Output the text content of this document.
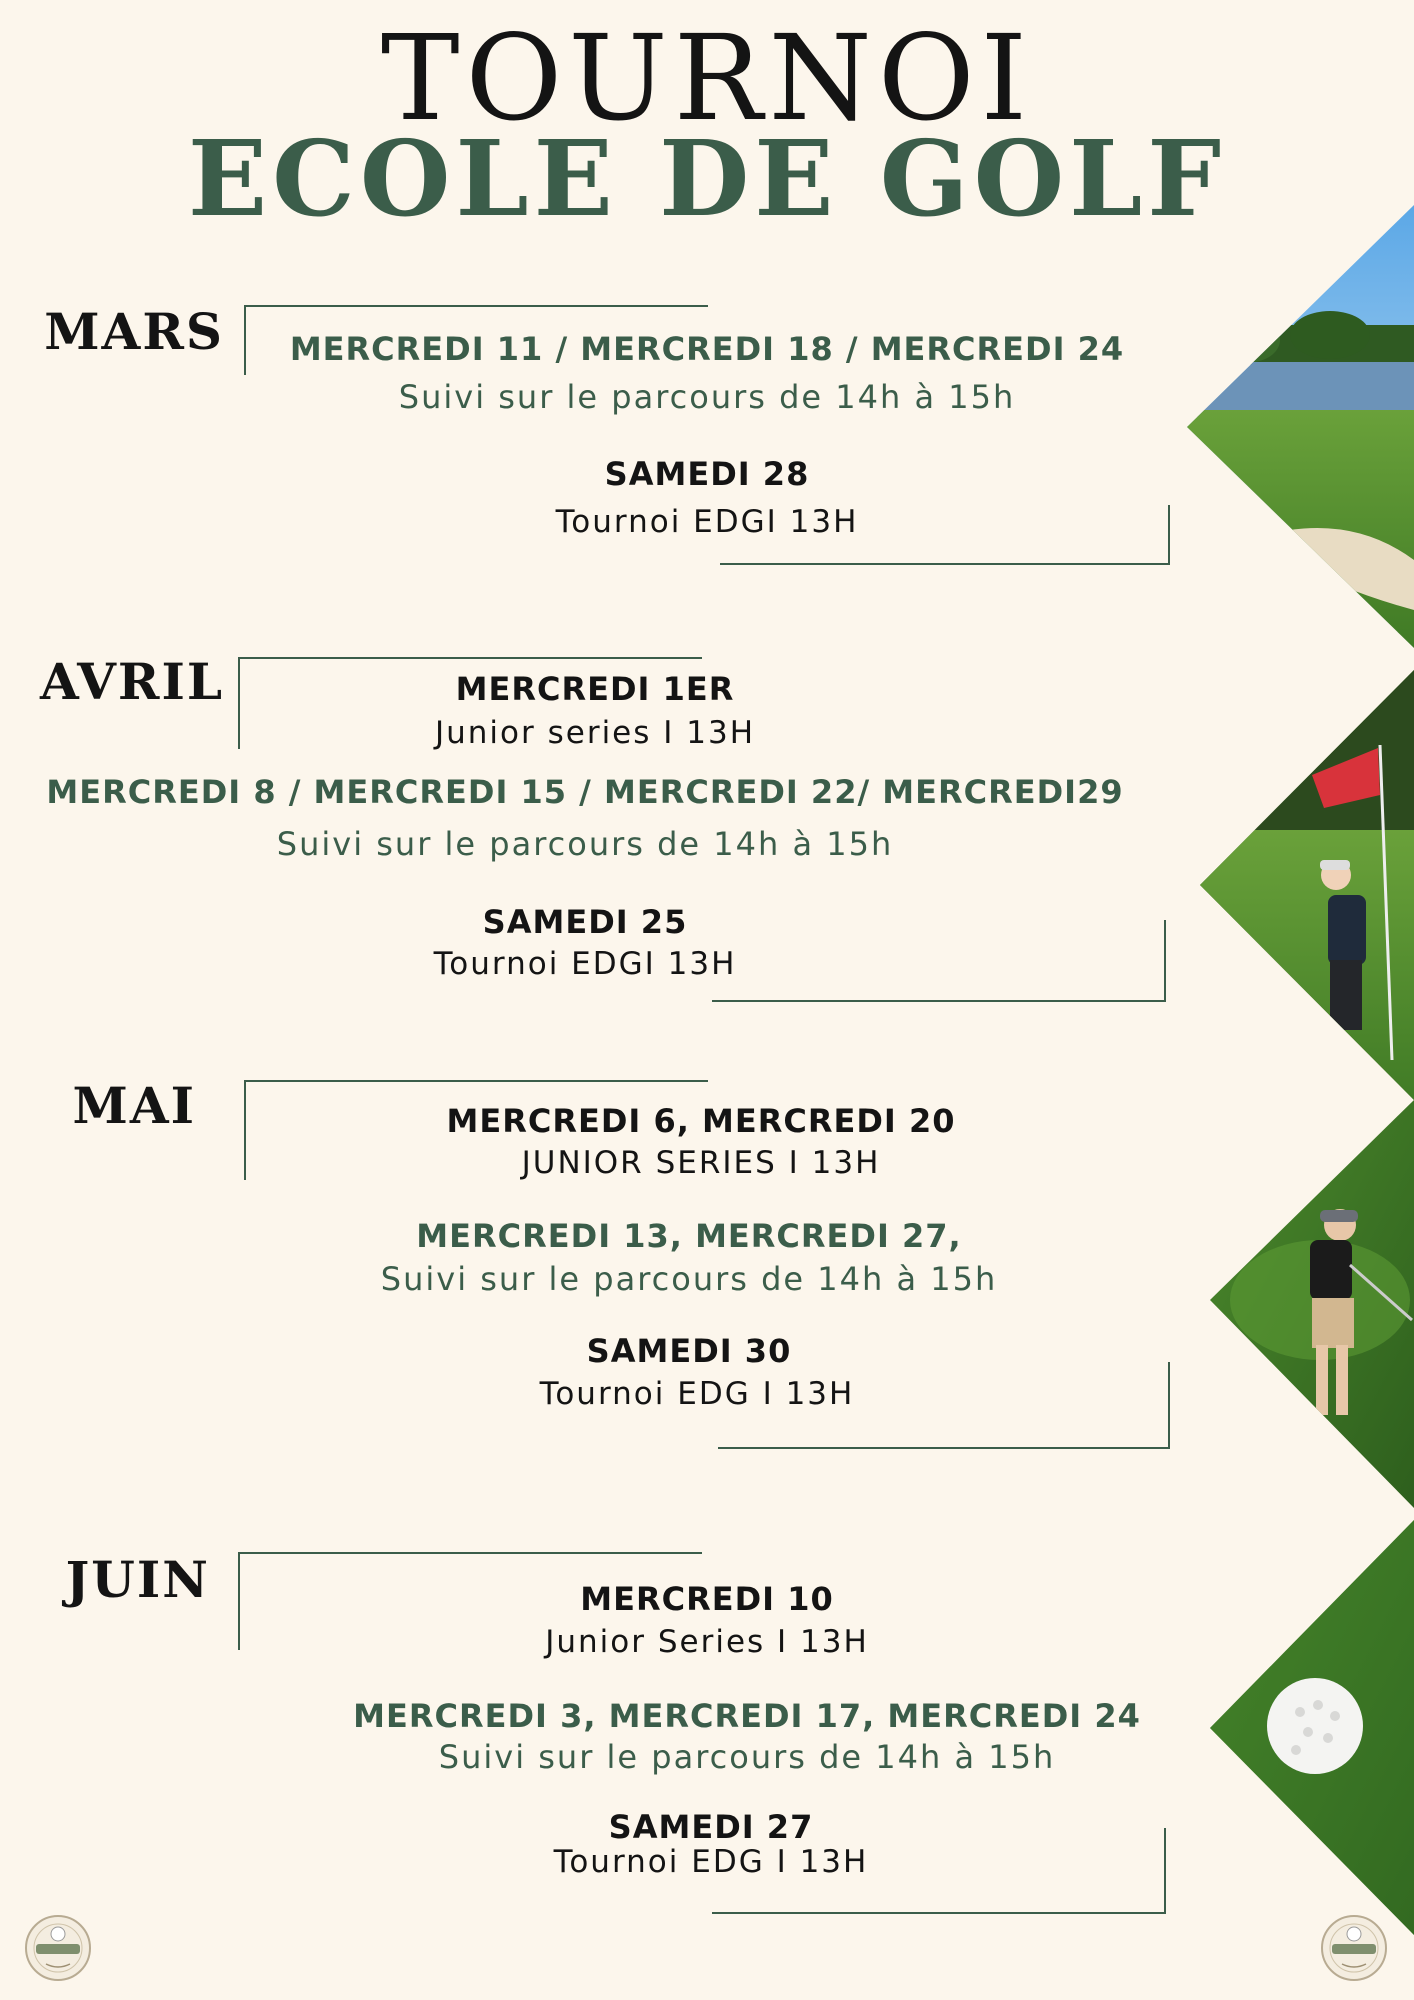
TOURNOI
ECOLE DE GOLF
MARS	MERCREDI 11 / MERCREDI 18 / MERCREDI 24
Suivi sur le parcours de 14h à 15h
SAMEDI 28
Tournoi EDGI 13H
AVRIL	MERCREDI 1ER
Junior series I 13H
MERCREDI 8 / MERCREDI 15 / MERCREDI 22/ MERCREDI29
Suivi sur le parcours de 14h à 15h
SAMEDI 25
Tournoi EDGI 13H
MAI	MERCREDI 6, MERCREDI 20
JUNIOR SERIES I 13H
MERCREDI 13, MERCREDI 27,
Suivi sur le parcours de 14h à 15h
SAMEDI 30
Tournoi EDG I 13H
JUIN	MERCREDI 10
Junior Series I 13H
MERCREDI 3, MERCREDI 17, MERCREDI 24
Suivi sur le parcours de 14h à 15h
SAMEDI 27
Tournoi EDG I 13H
